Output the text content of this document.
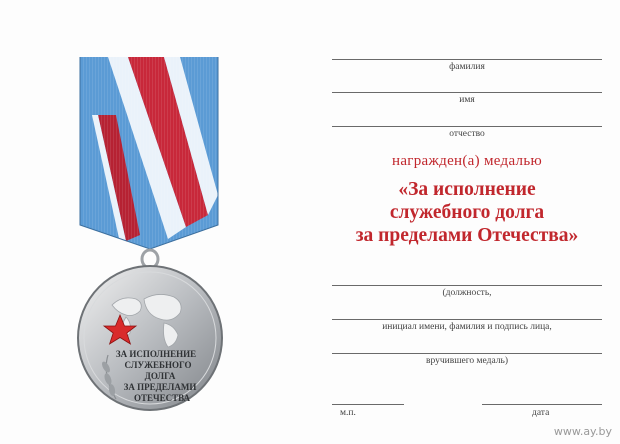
ЗА ИСПОЛНЕНИЕ
СЛУЖЕБНОГО
ДОЛГА
ЗА ПРЕДЕЛАМИ
ОТЕЧЕСТВА
фамилия
имя
отчество
награжден(а) медалью
«За исполнение
служебного долга
за пределами Отечества»
(должность,
инициал имени, фамилия и подпись лица,
вручившего медаль)
м.п.	дата
www.ay.by
